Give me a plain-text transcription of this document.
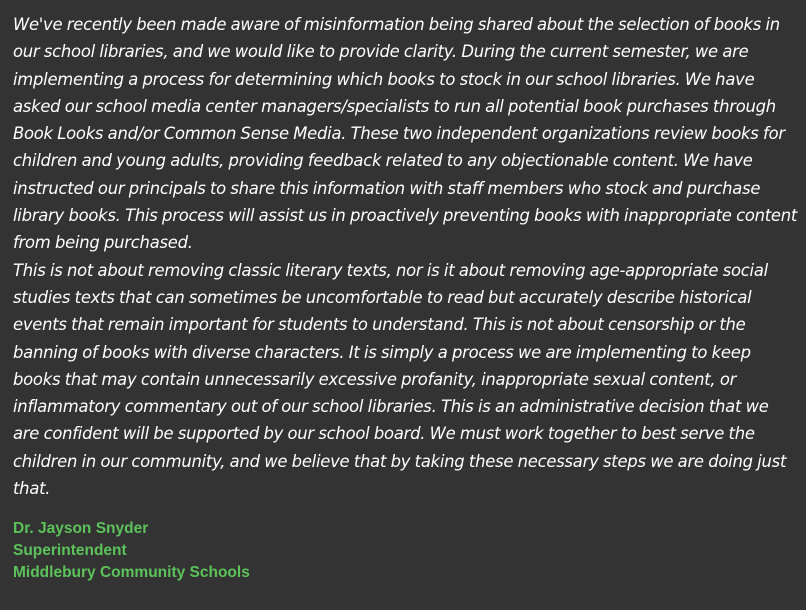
We've recently been made aware of misinformation being shared about the selection of books in our school libraries, and we would like to provide clarity. During the current semester, we are implementing a process for determining which books to stock in our school libraries. We have asked our school media center managers/specialists to run all potential book purchases through Book Looks and/or Common Sense Media. These two independent organizations review books for children and young adults, providing feedback related to any objectionable content. We have instructed our principals to share this information with staff members who stock and purchase library books. This process will assist us in proactively preventing books with inappropriate content from being purchased.

This is not about removing classic literary texts, nor is it about removing age-appropriate social studies texts that can sometimes be uncomfortable to read but accurately describe historical events that remain important for students to understand. This is not about censorship or the banning of books with diverse characters. It is simply a process we are implementing to keep books that may contain unnecessarily excessive profanity, inappropriate sexual content, or inflammatory commentary out of our school libraries. This is an administrative decision that we are confident will be supported by our school board. We must work together to best serve the children in our community, and we believe that by taking these necessary steps we are doing just that.

Dr. Jayson Snyder
Superintendent
Middlebury Community Schools
